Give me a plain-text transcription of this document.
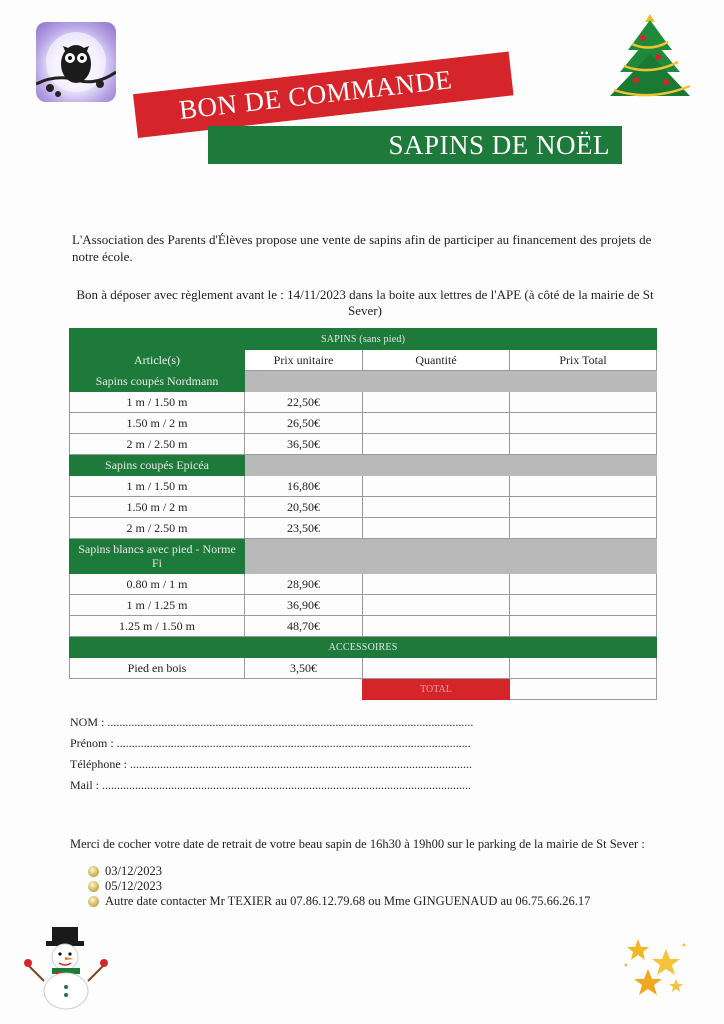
BON DE COMMANDE
SAPINS DE NOËL
L'Association des Parents d'Élèves propose une vente de sapins afin de participer au financement des projets de notre école.
Bon à déposer avec règlement avant le : 14/11/2023 dans la boite aux lettres de l'APE (à côté de la mairie de St Sever)
SAPINS (sans pied)			
Article(s)	Prix unitaire	Quantité	Prix Total
Sapins coupés Nordmann			
1 m / 1.50 m	22,50€		
1.50 m / 2 m	26,50€		
2 m / 2.50 m	36,50€		
Sapins coupés Epicéa			
1 m / 1.50 m	16,80€		
1.50 m / 2 m	20,50€		
2 m / 2.50 m	23,50€		
Sapins blancs avec pied - Norme Fi			
0.80 m / 1 m	28,90€		
1 m / 1.25 m	36,90€		
1.25 m / 1.50 m	48,70€		
ACCESSOIRES			
Pied en bois	3,50€		
		TOTAL	
NOM : ..........................................................................................................................
Prénom : ......................................................................................................................
Téléphone : ..................................................................................................................
Mail : ...........................................................................................................................
Merci de cocher votre date de retrait de votre beau sapin de 16h30 à 19h00 sur le parking de la mairie de St Sever :
03/12/2023
05/12/2023
Autre date contacter Mr TEXIER au 07.86.12.79.68 ou Mme GINGUENAUD au 06.75.66.26.17
